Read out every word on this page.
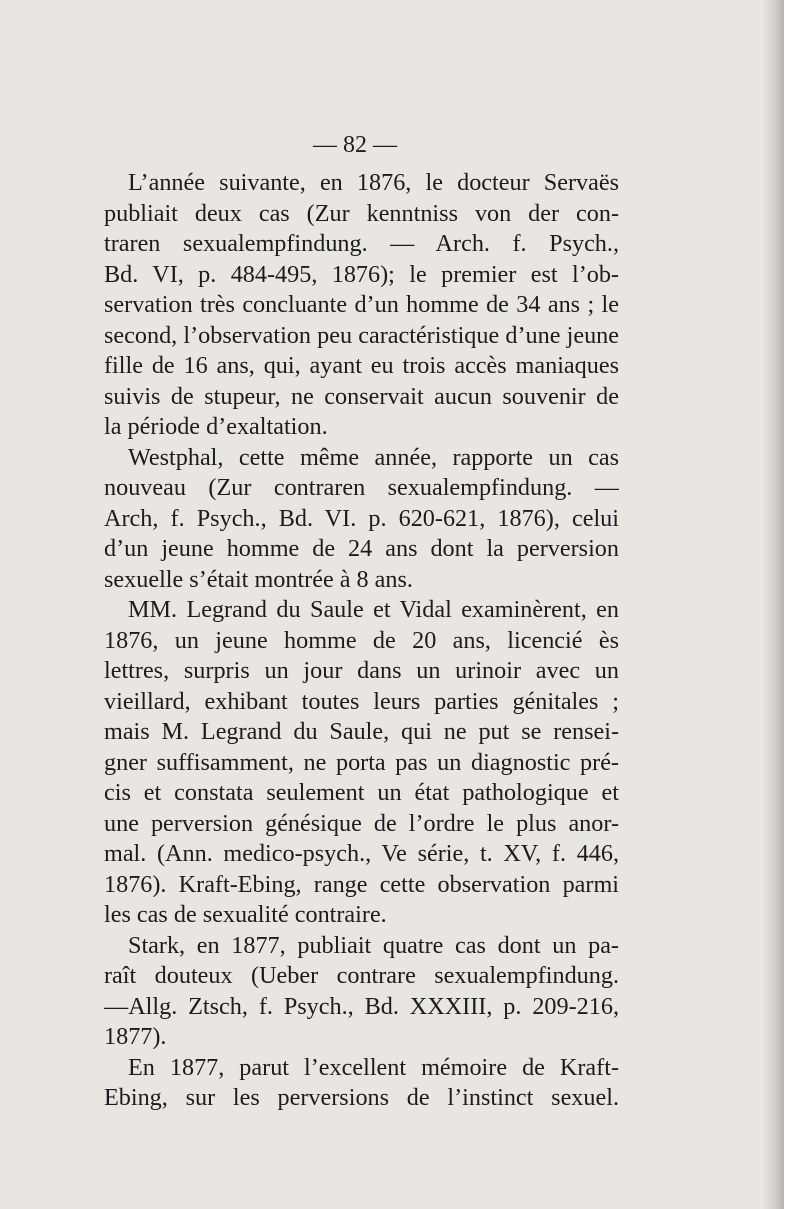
— 82 —
L’année suivante, en 1876, le docteur Servaës
publiait deux cas (Zur kenntniss von der con-
traren sexualempfindung. — Arch. f. Psych.,
Bd. VI, p. 484-495, 1876); le premier est l’ob-
servation très concluante d’un homme de 34 ans ; le
second, l’observation peu caractéristique d’une jeune
fille de 16 ans, qui, ayant eu trois accès maniaques
suivis de stupeur, ne conservait aucun souvenir de
la période d’exaltation.
Westphal, cette même année, rapporte un cas
nouveau (Zur contraren sexualempfindung. —
Arch, f. Psych., Bd. VI. p. 620-621, 1876), celui
d’un jeune homme de 24 ans dont la perversion
sexuelle s’était montrée à 8 ans.
MM. Legrand du Saule et Vidal examinèrent, en
1876, un jeune homme de 20 ans, licencié ès
lettres, surpris un jour dans un urinoir avec un
vieillard, exhibant toutes leurs parties génitales ;
mais M. Legrand du Saule, qui ne put se rensei-
gner suffisamment, ne porta pas un diagnostic pré-
cis et constata seulement un état pathologique et
une perversion génésique de l’ordre le plus anor-
mal. (Ann. medico-psych., Ve série, t. XV, f. 446,
1876). Kraft-Ebing, range cette observation parmi
les cas de sexualité contraire.
Stark, en 1877, publiait quatre cas dont un pa-
raît douteux (Ueber contrare sexualempfindung.
—Allg. Ztsch, f. Psych., Bd. XXXIII, p. 209-216,
1877).
En 1877, parut l’excellent mémoire de Kraft-
Ebing, sur les perversions de l’instinct sexuel.
